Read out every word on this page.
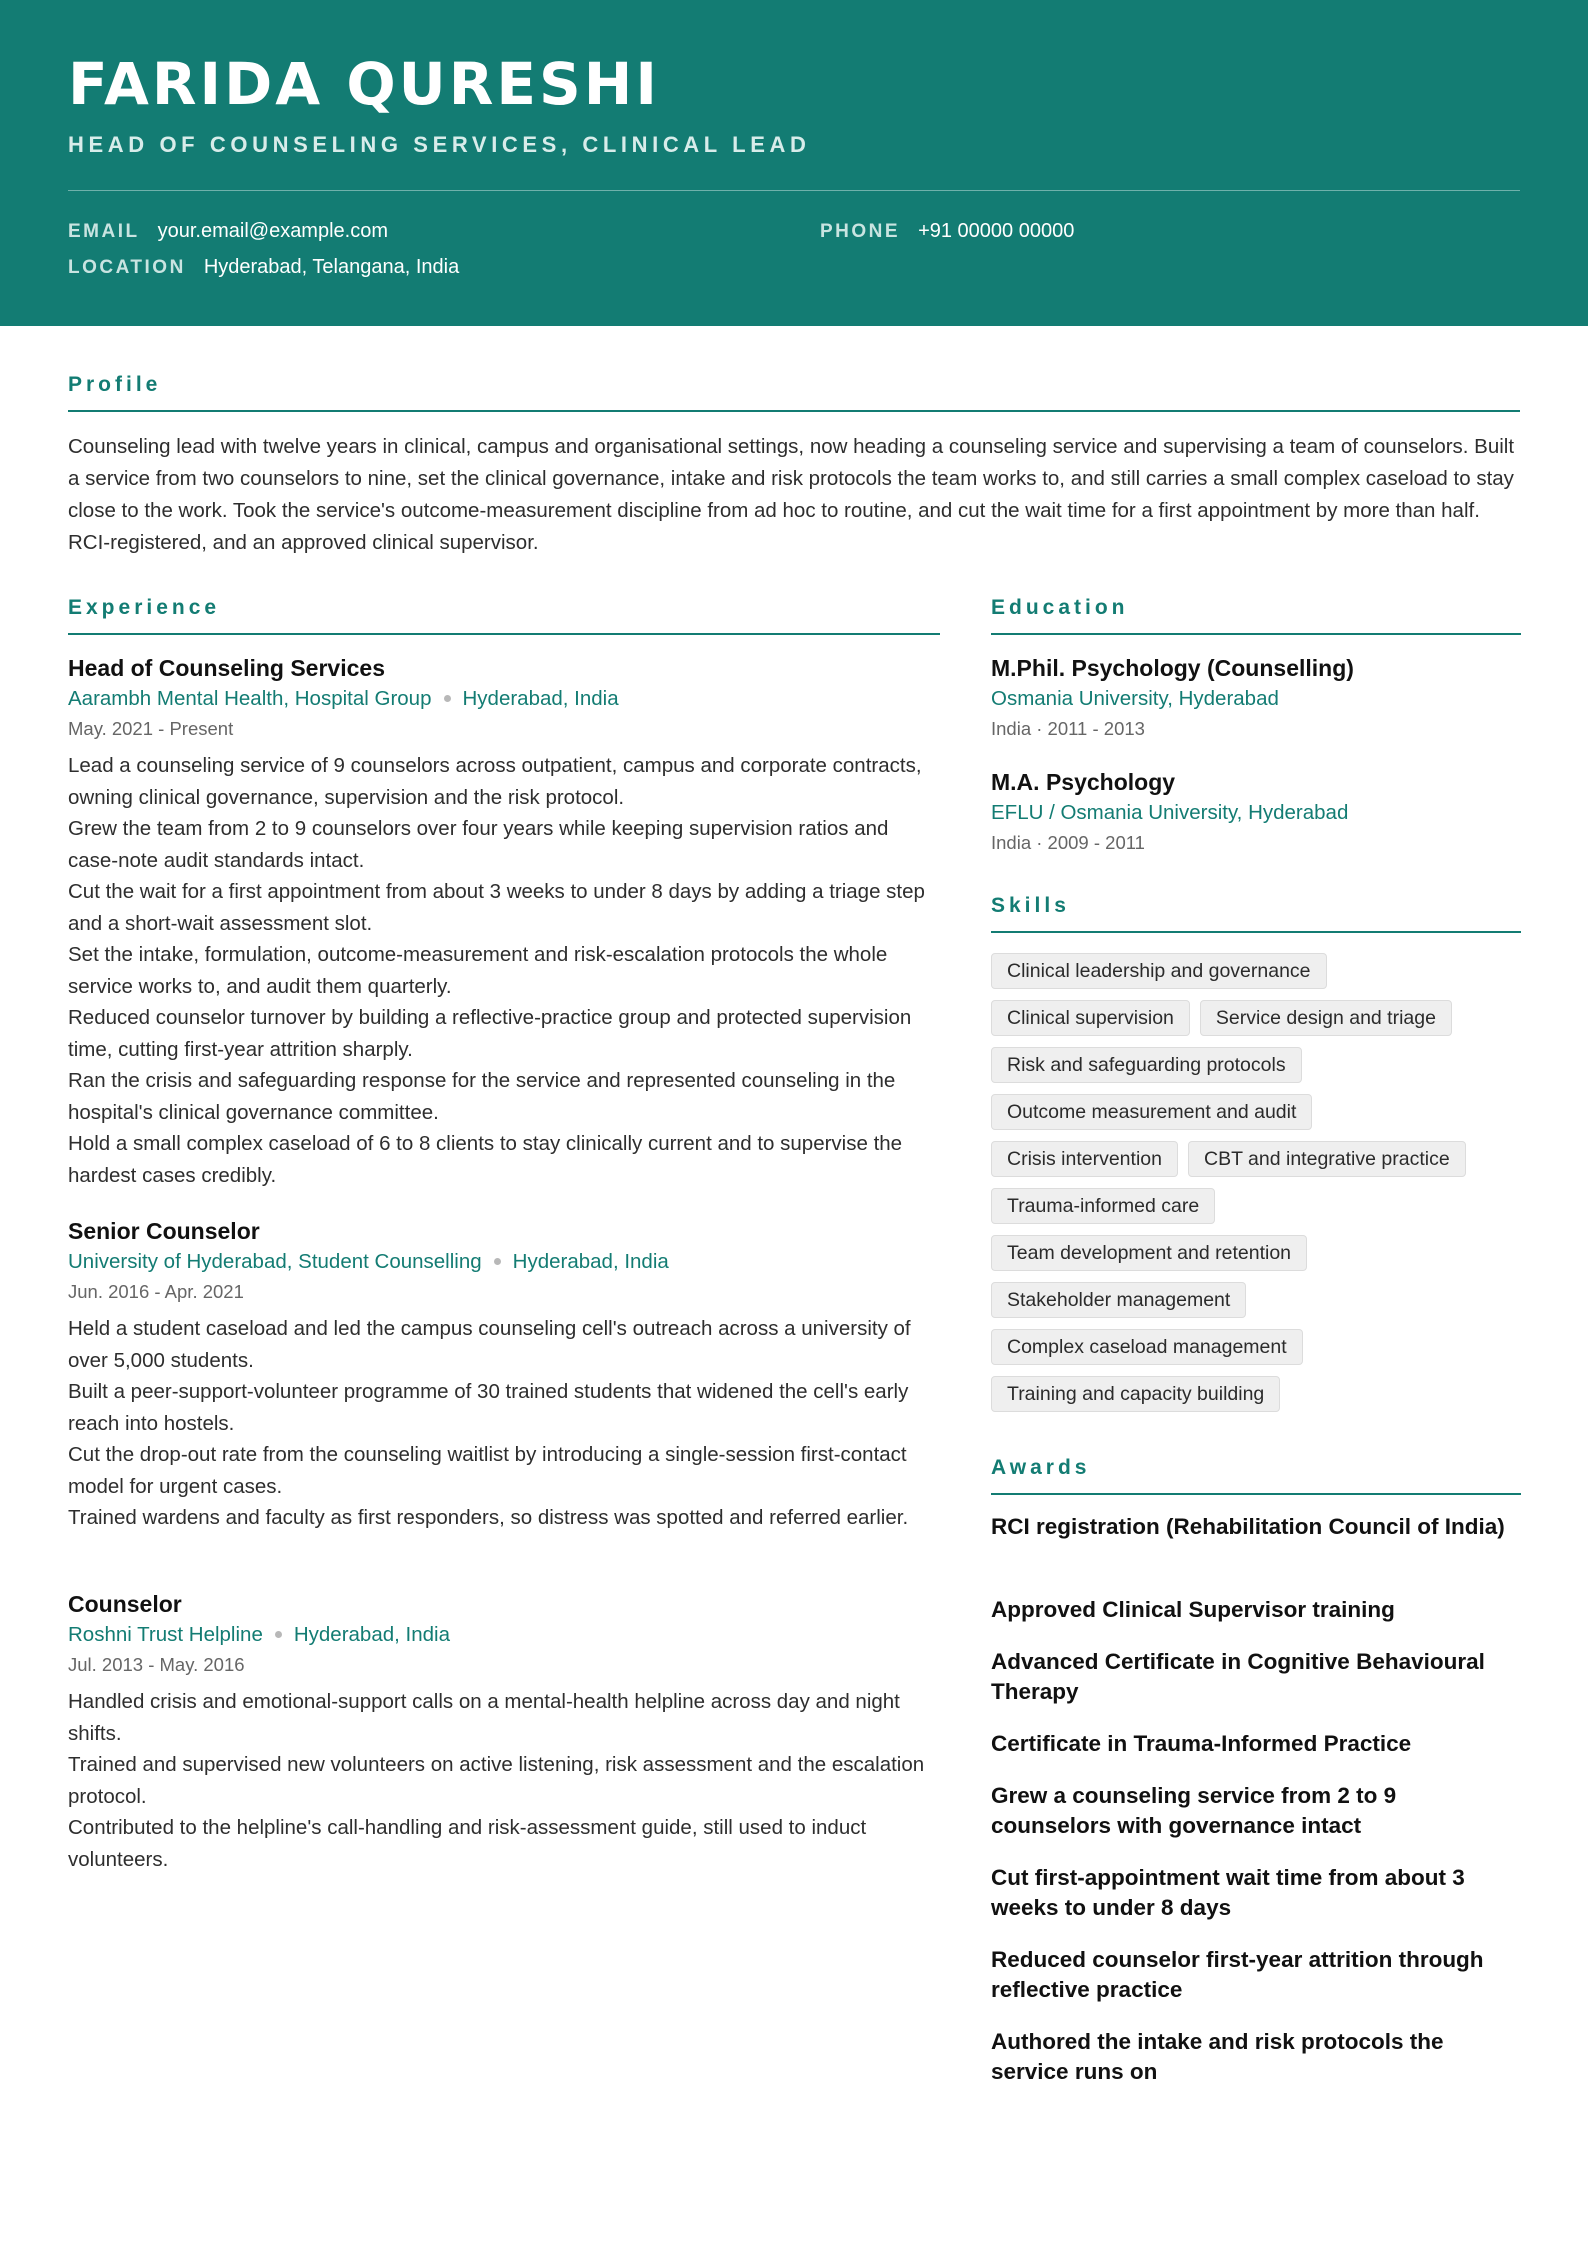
FARIDA QURESHI
HEAD OF COUNSELING SERVICES, CLINICAL LEAD
EMAIL your.email@example.com	PHONE +91 00000 00000
LOCATION Hyderabad, Telangana, India
Profile
Counseling lead with twelve years in clinical, campus and organisational settings, now heading a counseling service and supervising a team of counselors. Built a service from two counselors to nine, set the clinical governance, intake and risk protocols the team works to, and still carries a small complex caseload to stay close to the work. Took the service's outcome-measurement discipline from ad hoc to routine, and cut the wait time for a first appointment by more than half. RCI-registered, and an approved clinical supervisor.
Experience
Head of Counseling Services
Aarambh Mental Health, Hospital Group Hyderabad, India
May. 2021 - Present
Lead a counseling service of 9 counselors across outpatient, campus and corporate contracts, owning clinical governance, supervision and the risk protocol.
Grew the team from 2 to 9 counselors over four years while keeping supervision ratios and case-note audit standards intact.
Cut the wait for a first appointment from about 3 weeks to under 8 days by adding a triage step and a short-wait assessment slot.
Set the intake, formulation, outcome-measurement and risk-escalation protocols the whole service works to, and audit them quarterly.
Reduced counselor turnover by building a reflective-practice group and protected supervision time, cutting first-year attrition sharply.
Ran the crisis and safeguarding response for the service and represented counseling in the hospital's clinical governance committee.
Hold a small complex caseload of 6 to 8 clients to stay clinically current and to supervise the hardest cases credibly.
Senior Counselor
University of Hyderabad, Student Counselling Hyderabad, India
Jun. 2016 - Apr. 2021
Held a student caseload and led the campus counseling cell's outreach across a university of over 5,000 students.
Built a peer-support-volunteer programme of 30 trained students that widened the cell's early reach into hostels.
Cut the drop-out rate from the counseling waitlist by introducing a single-session first-contact model for urgent cases.
Trained wardens and faculty as first responders, so distress was spotted and referred earlier.
Counselor
Roshni Trust Helpline Hyderabad, India
Jul. 2013 - May. 2016
Handled crisis and emotional-support calls on a mental-health helpline across day and night shifts.
Trained and supervised new volunteers on active listening, risk assessment and the escalation protocol.
Contributed to the helpline's call-handling and risk-assessment guide, still used to induct volunteers.
Education
M.Phil. Psychology (Counselling)
Osmania University, Hyderabad
India · 2011 - 2013
M.A. Psychology
EFLU / Osmania University, Hyderabad
India · 2009 - 2011
Skills
Clinical leadership and governance
Clinical supervision	Service design and triage
Risk and safeguarding protocols
Outcome measurement and audit
Crisis intervention	CBT and integrative practice
Trauma-informed care
Team development and retention
Stakeholder management
Complex caseload management
Training and capacity building
Awards
RCI registration (Rehabilitation Council of India)
Approved Clinical Supervisor training
Advanced Certificate in Cognitive Behavioural Therapy
Certificate in Trauma-Informed Practice
Grew a counseling service from 2 to 9 counselors with governance intact
Cut first-appointment wait time from about 3 weeks to under 8 days
Reduced counselor first-year attrition through reflective practice
Authored the intake and risk protocols the service runs on
